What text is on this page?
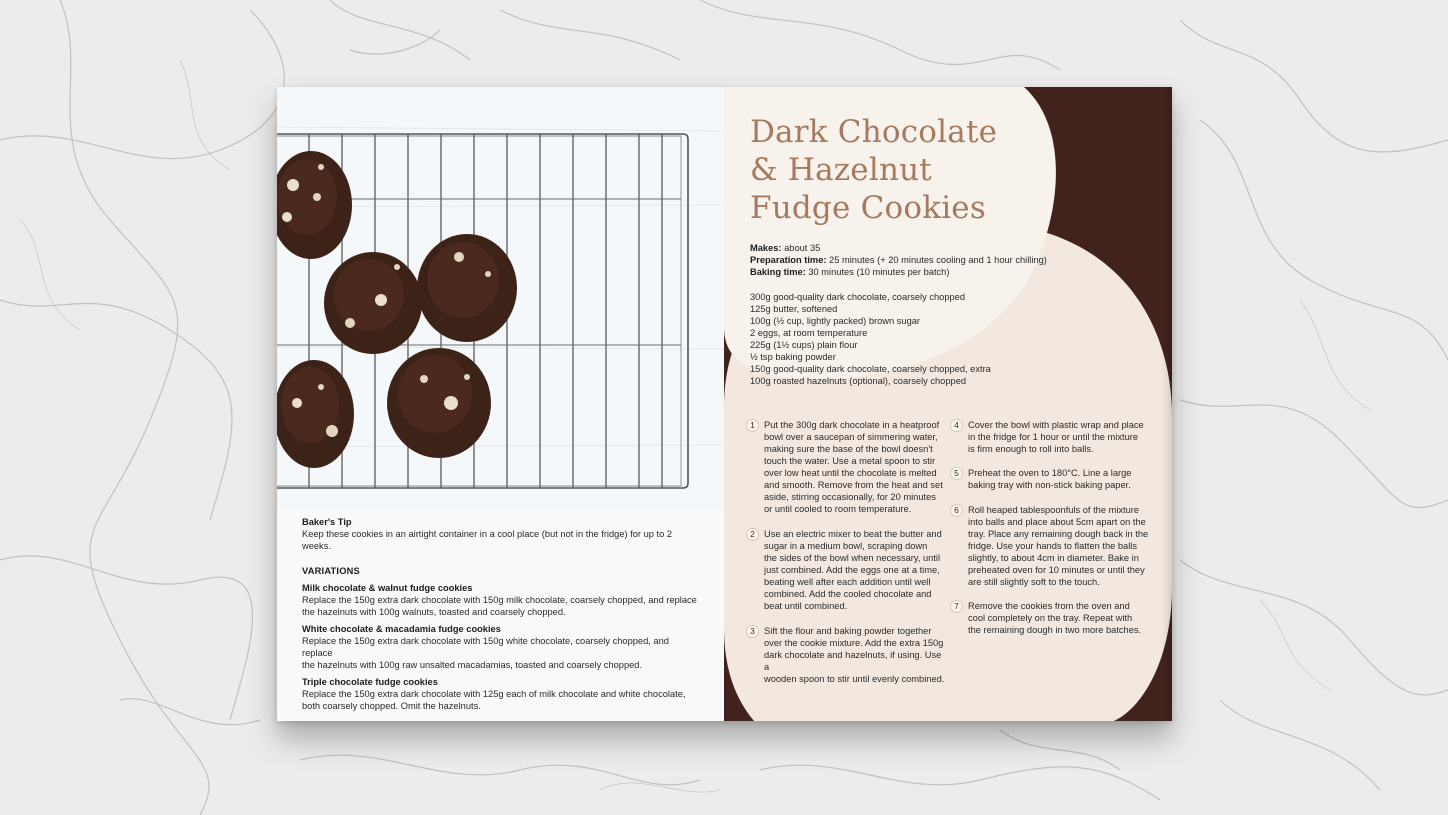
Baker's Tip

Keep these cookies in an airtight container in a cool place (but not in the fridge) for up to 2 weeks.

VARIATIONS
Milk chocolate & walnut fudge cookies

Replace the 150g extra dark chocolate with 150g milk chocolate, coarsely chopped, and replace

the hazelnuts with 100g walnuts, toasted and coarsely chopped.

White chocolate & macadamia fudge cookies

Replace the 150g extra dark chocolate with 150g white chocolate, coarsely chopped, and replace

the hazelnuts with 100g raw unsalted macadamias, toasted and coarsely chopped.

Triple chocolate fudge cookies

Replace the 150g extra dark chocolate with 125g each of milk chocolate and white chocolate,

both coarsely chopped. Omit the hazelnuts.

Dark Chocolate
& Hazelnut
Fudge Cookies
Makes: about 35
Preparation time: 25 minutes (+ 20 minutes cooling and 1 hour chilling)
Baking time: 30 minutes (10 minutes per batch)
300g good-quality dark chocolate, coarsely chopped
125g butter, softened
100g (½ cup, lightly packed) brown sugar
2 eggs, at room temperature
225g (1½ cups) plain flour
½ tsp baking powder
150g good-quality dark chocolate, coarsely chopped, extra
100g roasted hazelnuts (optional), coarsely chopped
1 Put the 300g dark chocolate in a heatproof
bowl over a saucepan of simmering water,
making sure the base of the bowl doesn't
touch the water. Use a metal spoon to stir
over low heat until the chocolate is melted
and smooth. Remove from the heat and set
aside, stirring occasionally, for 20 minutes
or until cooled to room temperature.
2 Use an electric mixer to beat the butter and
sugar in a medium bowl, scraping down
the sides of the bowl when necessary, until
just combined. Add the eggs one at a time,
beating well after each addition until well
combined. Add the cooled chocolate and
beat until combined.
3 Sift the flour and baking powder together
over the cookie mixture. Add the extra 150g
dark chocolate and hazelnuts, if using. Use a
wooden spoon to stir until evenly combined.
4 Cover the bowl with plastic wrap and place
in the fridge for 1 hour or until the mixture
is firm enough to roll into balls.
5 Preheat the oven to 180°C. Line a large
baking tray with non-stick baking paper.
6 Roll heaped tablespoonfuls of the mixture
into balls and place about 5cm apart on the
tray. Place any remaining dough back in the
fridge. Use your hands to flatten the balls
slightly, to about 4cm in diameter. Bake in
preheated oven for 10 minutes or until they
are still slightly soft to the touch.
7 Remove the cookies from the oven and
cool completely on the tray. Repeat with
the remaining dough in two more batches.
